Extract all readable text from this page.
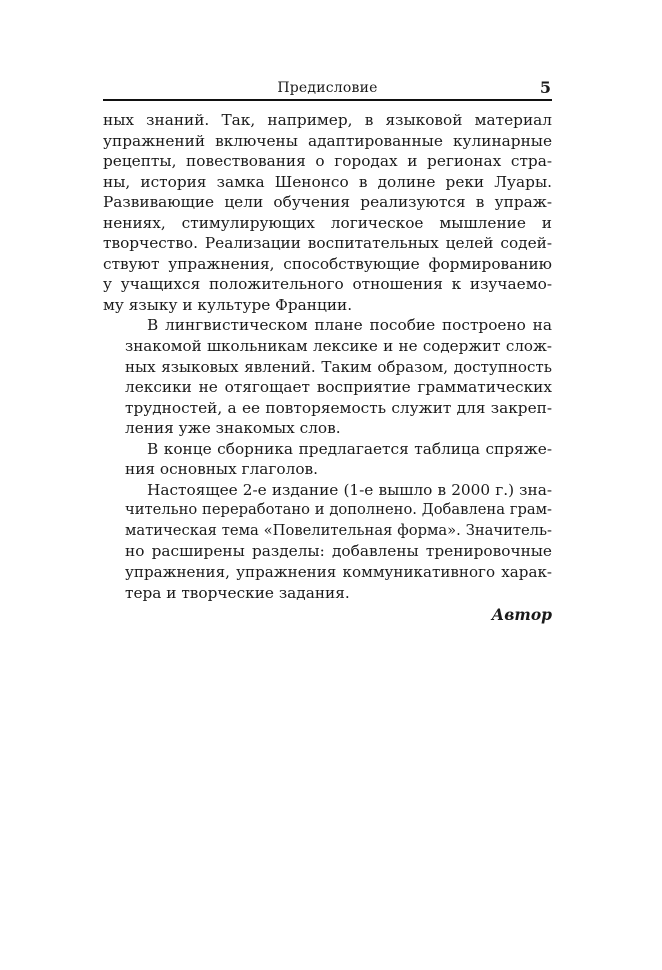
Предисловие	5

ных знаний. Так, например, в языковой материал
упражнений включены адаптированные кулинарные
рецепты, повествования о городах и регионах стра-
ны, история замка Шенонсо в долине реки Луары.
Развивающие цели обучения реализуются в упраж-
нениях, стимулирующих логическое мышление и
творчество. Реализации воспитательных целей содей-
ствуют упражнения, способствующие формированию
у учащихся положительного отношения к изучаемо-
му языку и культуре Франции.

В лингвистическом плане пособие построено на
знакомой школьникам лексике и не содержит слож-
ных языковых явлений. Таким образом, доступность
лексики не отягощает восприятие грамматических
трудностей, а ее повторяемость служит для закреп-
ления уже знакомых слов.

В конце сборника предлагается таблица спряже-
ния основных глаголов.

Настоящее 2-е издание (1-е вышло в 2000 г.) зна-
чительно переработано и дополнено. Добавлена грам-
матическая тема «Повелительная форма». Значитель-
но расширены разделы: добавлены тренировочные
упражнения, упражнения коммуникативного харак-
тера и творческие задания.

Автор
